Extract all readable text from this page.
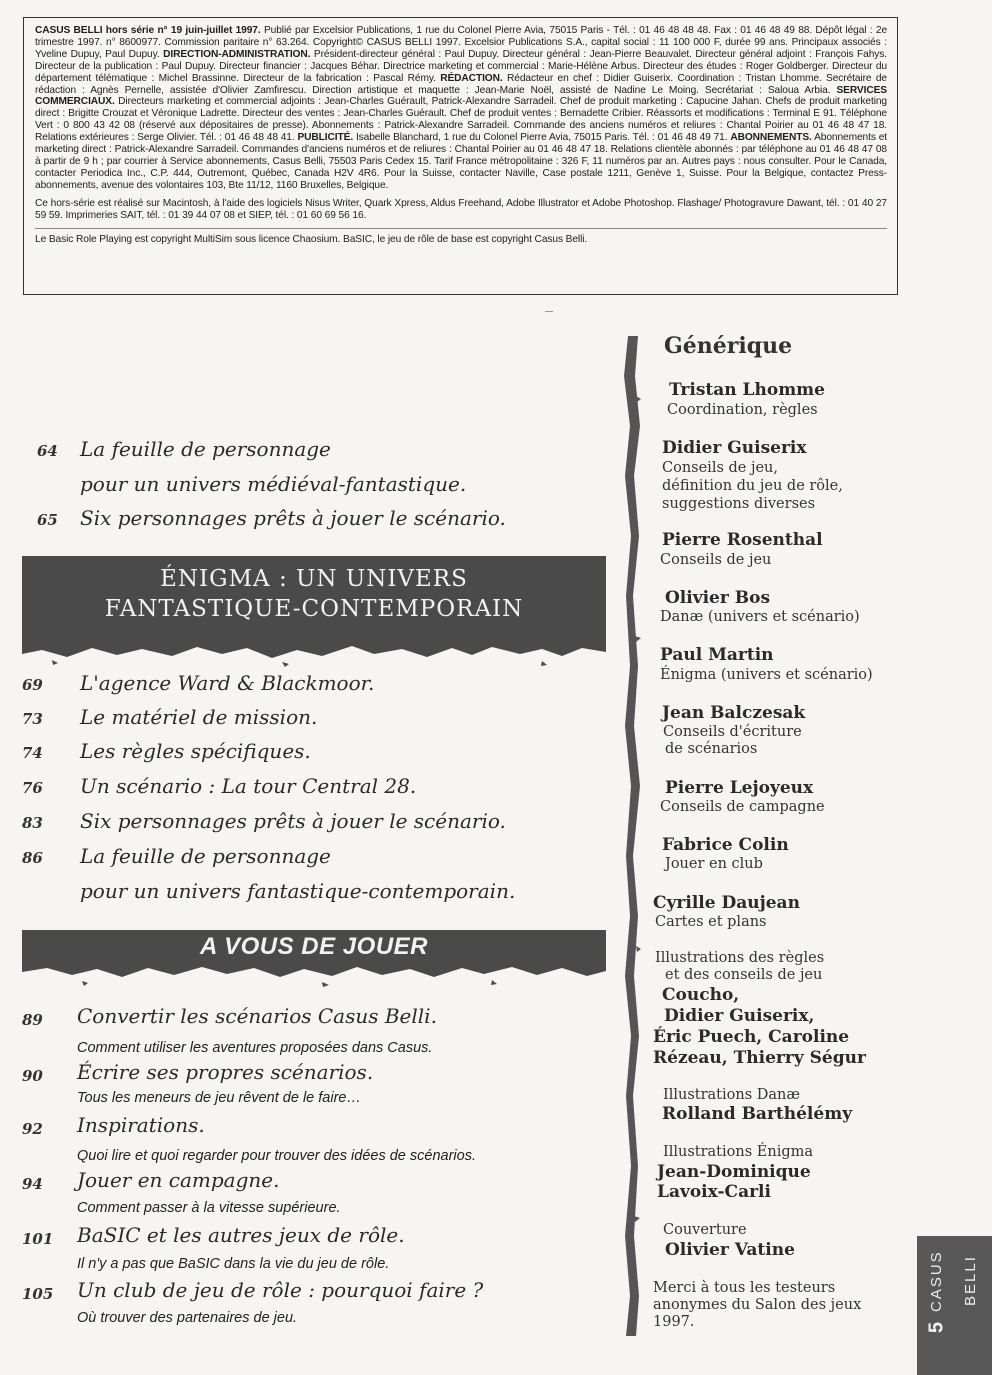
CASUS BELLI hors série n° 19 juin-juillet 1997. Publié par Excelsior Publications, 1 rue du Colonel Pierre Avia, 75015 Paris - Tél. : 01 46 48 48 48. Fax : 01 46 48 49 88. Dépôt légal : 2e trimestre 1997. n° 8600977. Commission paritaire n° 63.264. Copyright© CASUS BELLI 1997. Excelsior Publications S.A., capital social : 11 100 000 F, durée 99 ans. Principaux associés : Yveline Dupuy, Paul Dupuy. DIRECTION-ADMINISTRATION. Président-directeur général : Paul Dupuy. Directeur général : Jean-Pierre Beauvalet. Directeur général adjoint : François Fahys. Directeur de la publication : Paul Dupuy. Directeur financier : Jacques Béhar. Directrice marketing et commercial : Marie-Hélène Arbus. Directeur des études : Roger Goldberger. Directeur du département télématique : Michel Brassinne. Directeur de la fabrication : Pascal Rémy. RÉDACTION. Rédacteur en chef : Didier Guiserix. Coordination : Tristan Lhomme. Secrétaire de rédaction : Agnès Pernelle, assistée d'Olivier Zamfirescu. Direction artistique et maquette : Jean-Marie Noël, assisté de Nadine Le Moing. Secrétariat : Saloua Arbia. SERVICES COMMERCIAUX. Directeurs marketing et commercial adjoints : Jean-Charles Guérault, Patrick-Alexandre Sarradeil. Chef de produit marketing : Capucine Jahan. Chefs de produit marketing direct : Brigitte Crouzat et Véronique Ladrette. Directeur des ventes : Jean-Charles Guérault. Chef de produit ventes : Bernadette Cribier. Réassorts et modifications : Terminal E 91. Téléphone Vert : 0 800 43 42 08 (réservé aux dépositaires de presse). Abonnements : Patrick-Alexandre Sarradeil. Commande des anciens numéros et reliures : Chantal Poirier au 01 46 48 47 18. Relations extérieures : Serge Olivier. Tél. : 01 46 48 48 41. PUBLICITÉ. Isabelle Blanchard, 1 rue du Colonel Pierre Avia, 75015 Paris. Tél. : 01 46 48 49 71. ABONNEMENTS. Abonnements et marketing direct : Patrick-Alexandre Sarradeil. Commandes d'anciens numéros et de reliures : Chantal Poirier au 01 46 48 47 18. Relations clientèle abonnés : par téléphone au 01 46 48 47 08 à partir de 9 h ; par courrier à Service abonnements, Casus Belli, 75503 Paris Cedex 15. Tarif France métropolitaine : 326 F, 11 numéros par an. Autres pays : nous consulter. Pour le Canada, contacter Periodica Inc., C.P. 444, Outremont, Québec, Canada H2V 4R6. Pour la Suisse, contacter Naville, Case postale 1211, Genève 1, Suisse. Pour la Belgique, contactez Press-abonnements, avenue des volontaires 103, Bte 11/12, 1160 Bruxelles, Belgique.

Ce hors-série est réalisé sur Macintosh, à l'aide des logiciels Nisus Writer, Quark Xpress, Aldus Freehand, Adobe Illustrator et Adobe Photoshop. Flashage/ Photogravure Dawant, tél. : 01 40 27 59 59. Imprimeries SAIT, tél. : 01 39 44 07 08 et SIEP, tél. : 01 60 69 56 16.

Le Basic Role Playing est copyright MultiSim sous licence Chaosium. BaSIC, le jeu de rôle de base est copyright Casus Belli.

64 La feuille de personnage
pour un univers médiéval-fantastique.
65 Six personnages prêts à jouer le scénario.
ÉNIGMA : UN UNIVERS
FANTASTIQUE-CONTEMPORAIN
69 L'agence Ward & Blackmoor.
73 Le matériel de mission.
74 Les règles spécifiques.
76 Un scénario : La tour Central 28.
83 Six personnages prêts à jouer le scénario.
86 La feuille de personnage
pour un univers fantastique-contemporain.
A VOUS DE JOUER
89 Convertir les scénarios Casus Belli.
Comment utiliser les aventures proposées dans Casus.
90 Écrire ses propres scénarios.
Tous les meneurs de jeu rêvent de le faire…
92 Inspirations.
Quoi lire et quoi regarder pour trouver des idées de scénarios.
94 Jouer en campagne.
Comment passer à la vitesse supérieure.
101 BaSIC et les autres jeux de rôle.
Il n'y a pas que BaSIC dans la vie du jeu de rôle.
105 Un club de jeu de rôle : pourquoi faire ?
Où trouver des partenaires de jeu.
Générique
Tristan Lhomme
Coordination, règles
Didier Guiserix
Conseils de jeu,
définition du jeu de rôle,
suggestions diverses
Pierre Rosenthal
Conseils de jeu
Olivier Bos
Danæ (univers et scénario)
Paul Martin
Énigma (univers et scénario)
Jean Balczesak
Conseils d'écriture
de scénarios
Pierre Lejoyeux
Conseils de campagne
Fabrice Colin
Jouer en club
Cyrille Daujean
Cartes et plans
Illustrations des règles
et des conseils de jeu
Coucho,
Didier Guiserix,
Éric Puech, Caroline
Rézeau, Thierry Ségur
Illustrations Danæ
Rolland Barthélémy
Illustrations Énigma
Jean-Dominique
Lavoix-Carli
Couverture
Olivier Vatine
Merci à tous les testeurs anonymes du Salon des jeux 1997.
CASUS BELLI
5
